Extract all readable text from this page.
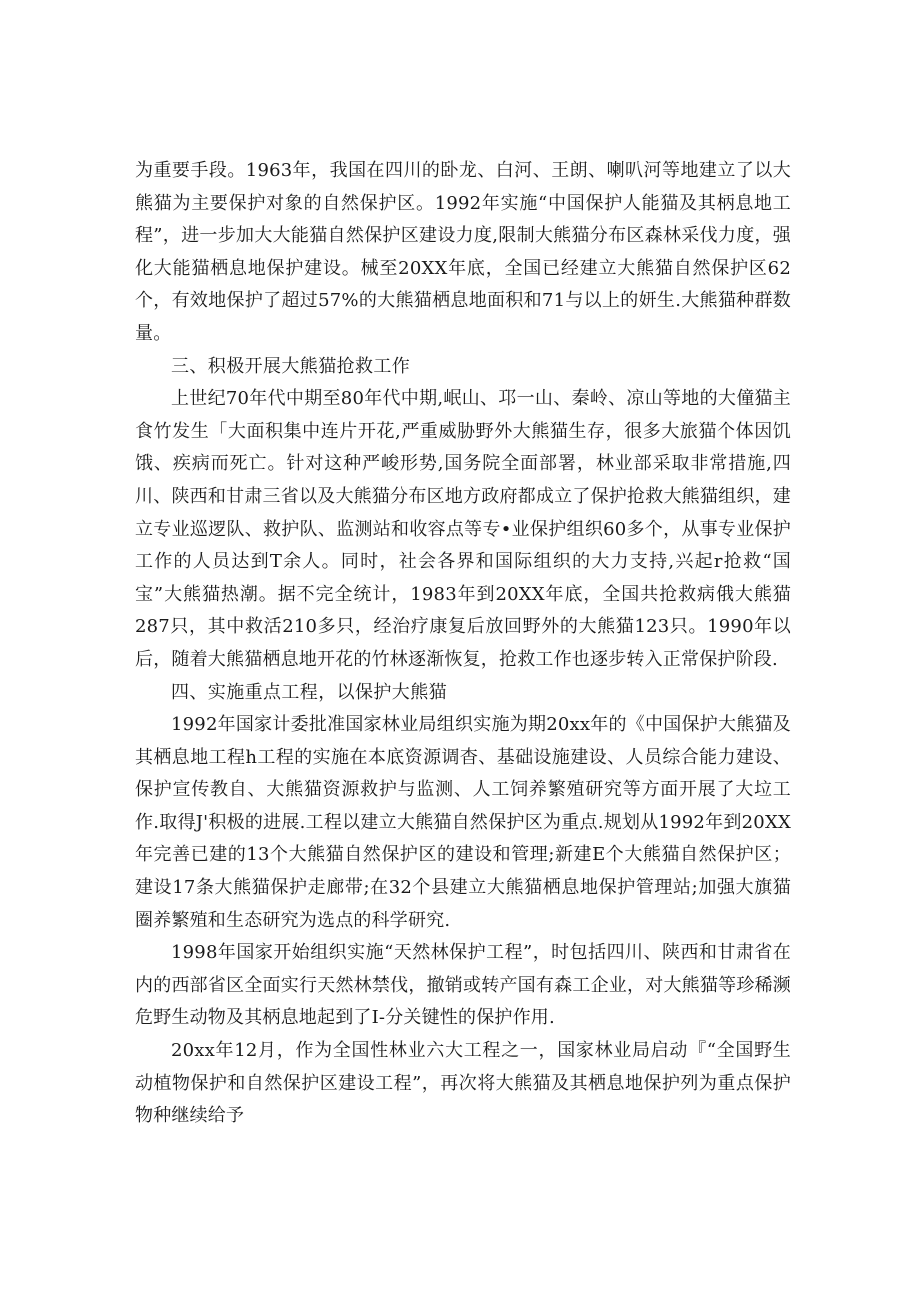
为重要手段。1963年，我国在四川的卧龙、白河、王朗、喇叭河等地建立了以大熊猫为主要保护对象的自然保护区。1992年实施“中国保护人能猫及其柄息地工程”，进一步加大大能猫自然保护区建设力度,限制大熊猫分布区森林采伐力度，强化大能猫栖息地保护建设。械至20XX年底，全国已经建立大熊猫自然保护区62个，有效地保护了超过57%的大熊猫栖息地面积和71与以上的妍生.大熊猫种群数量。

三、积极开展大熊猫抢救工作

上世纪70年代中期至80年代中期,岷山、邛一山、秦岭、凉山等地的大僮猫主食竹发生「大面积集中连片开花,严重威胁野外大熊猫生存，很多大旅猫个体因饥饿、疾病而死亡。针对这种严峻形势,国务院全面部署，林业部采取非常措施,四川、陕西和甘肃三省以及大熊猫分布区地方政府都成立了保护抢救大熊猫组织，建立专业巡逻队、救护队、监测站和收容点等专•业保护组织60多个，从事专业保护工作的人员达到T余人。同时，社会各界和国际组织的大力支持,兴起r抢救“国宝”大熊猫热潮。据不完全统计，1983年到20XX年底，全国共抢救病俄大熊猫287只，其中救活210多只，经治疗康复后放回野外的大熊猫123只。1990年以后，随着大熊猫栖息地开花的竹林逐渐恢复，抢救工作也逐步转入正常保护阶段.

四、实施重点工程，以保护大熊猫

1992年国家计委批准国家林业局组织实施为期20xx年的《中国保护大熊猫及其栖息地工程h工程的实施在本底资源调杳、基础设施建设、人员综合能力建设、保护宣传教自、大熊猫资源救护与监测、人工饲养繁殖研究等方面开展了大垃工作.取得J'积极的进展.工程以建立大熊猫自然保护区为重点.规划从1992年到20XX年完善已建的13个大熊猫自然保护区的建设和管理;新建E个大熊猫自然保护区；建设17条大熊猫保护走廊带;在32个县建立大熊猫栖息地保护管理站;加强大旗猫圈养繁殖和生态研究为选点的科学研究.

1998年国家开始组织实施“天然林保护工程”，时包括四川、陕西和甘肃省在内的西部省区全面实行天然林禁伐，撤销或转产国有森工企业，对大熊猫等珍稀濒危野生动物及其柄息地起到了I-分关键性的保护作用.

20xx年12月，作为全国性林业六大工程之一，国家林业局启动『“全国野生动植物保护和自然保护区建设工程”，再次将大熊猫及其栖息地保护列为重点保护物种继续给予
